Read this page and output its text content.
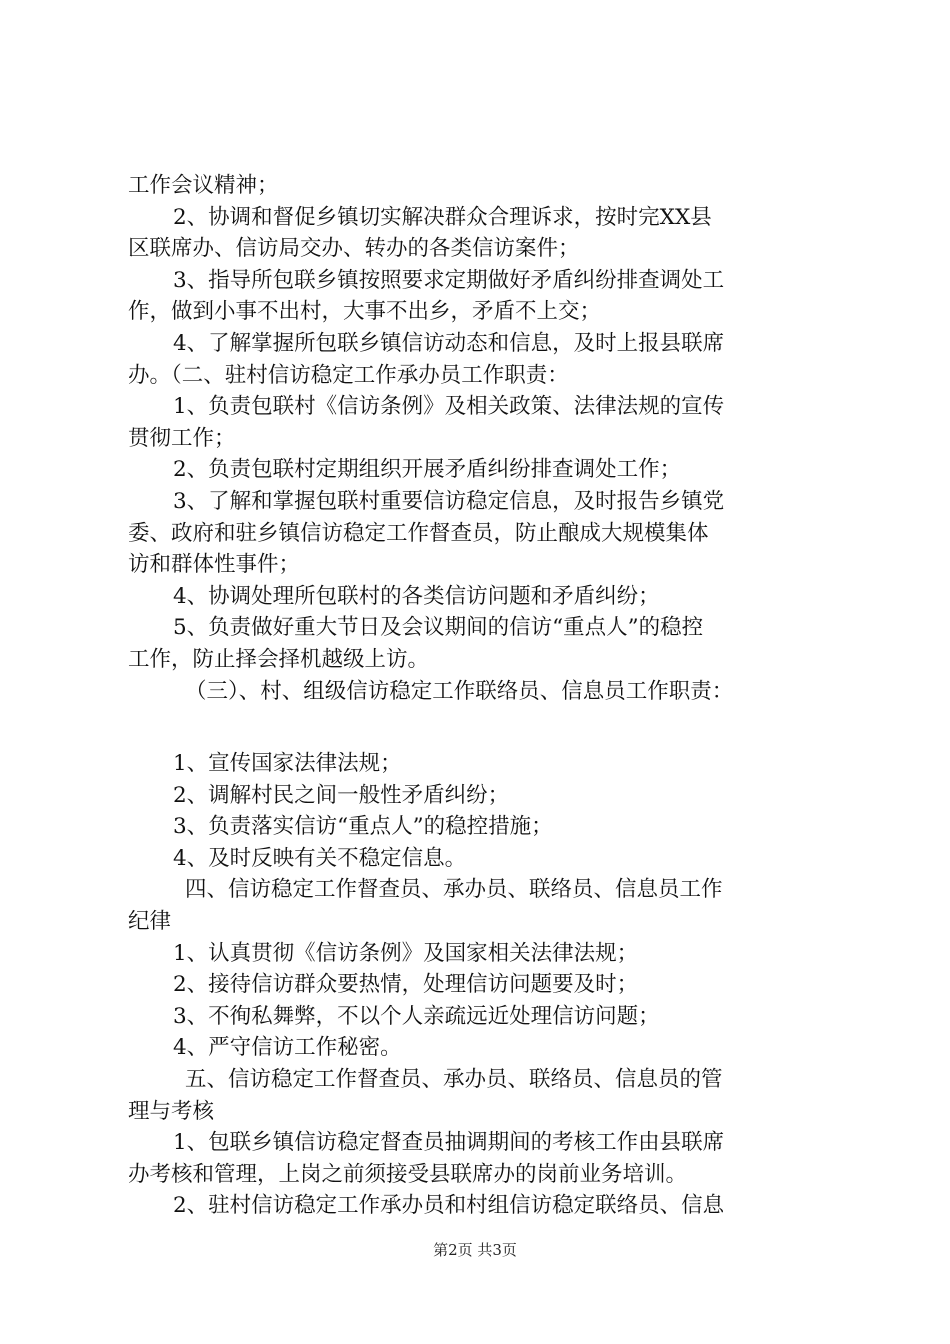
工作会议精神；
2、协调和督促乡镇切实解决群众合理诉求，按时完XX县
区联席办、信访局交办、转办的各类信访案件；
3、指导所包联乡镇按照要求定期做好矛盾纠纷排查调处工
作，做到小事不出村，大事不出乡，矛盾不上交；
4、了解掌握所包联乡镇信访动态和信息，及时上报县联席
办。（二、驻村信访稳定工作承办员工作职责：
1、负责包联村《信访条例》及相关政策、法律法规的宣传
贯彻工作；
2、负责包联村定期组织开展矛盾纠纷排查调处工作；
3、了解和掌握包联村重要信访稳定信息，及时报告乡镇党
委、政府和驻乡镇信访稳定工作督查员，防止酿成大规模集体
访和群体性事件；
4、协调处理所包联村的各类信访问题和矛盾纠纷；
5、负责做好重大节日及会议期间的信访“重点人”的稳控
工作，防止择会择机越级上访。
（三）、村、组级信访稳定工作联络员、信息员工作职责：
1、宣传国家法律法规；
2、调解村民之间一般性矛盾纠纷；
3、负责落实信访“重点人”的稳控措施；
4、及时反映有关不稳定信息。
四、信访稳定工作督查员、承办员、联络员、信息员工作
纪律
1、认真贯彻《信访条例》及国家相关法律法规；
2、接待信访群众要热情，处理信访问题要及时；
3、不徇私舞弊，不以个人亲疏远近处理信访问题；
4、严守信访工作秘密。
五、信访稳定工作督查员、承办员、联络员、信息员的管
理与考核
1、包联乡镇信访稳定督查员抽调期间的考核工作由县联席
办考核和管理，上岗之前须接受县联席办的岗前业务培训。
2、驻村信访稳定工作承办员和村组信访稳定联络员、信息
第2页 共3页
